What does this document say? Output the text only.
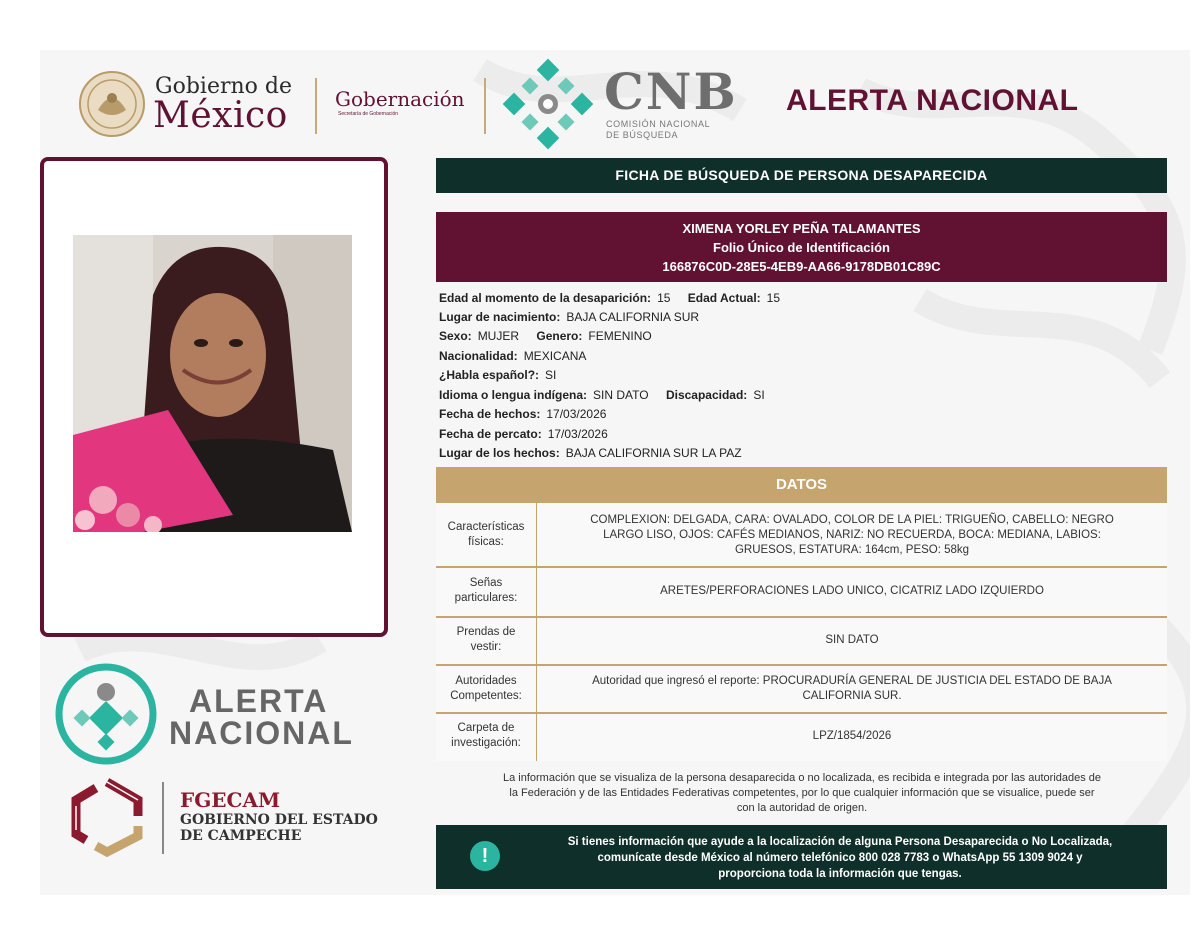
Gobierno de
México Gobernación
Secretaría de Gobernación	CNB
COMISIÓN NACIONAL
DE BÚSQUEDA
ALERTA NACIONAL
FICHA DE BÚSQUEDA DE PERSONA DESAPARECIDA
XIMENA YORLEY PEÑA TALAMANTES
Folio Único de Identificación
166876C0D-28E5-4EB9-AA66-9178DB01C89C
Edad al momento de la desaparición: 15 Edad Actual: 15
Lugar de nacimiento: BAJA CALIFORNIA SUR
Sexo: MUJER Genero: FEMENINO
Nacionalidad: MEXICANA
¿Habla español?: SI
Idioma o lengua indígena: SIN DATO Discapacidad: SI
Fecha de hechos: 17/03/2026
Fecha de percato: 17/03/2026
Lugar de los hechos: BAJA CALIFORNIA SUR LA PAZ
DATOS
Características
físicas:
COMPLEXION: DELGADA, CARA: OVALADO, COLOR DE LA PIEL: TRIGUEÑO, CABELLO: NEGRO
LARGO LISO, OJOS: CAFÉS MEDIANOS, NARIZ: NO RECUERDA, BOCA: MEDIANA, LABIOS:
GRUESOS, ESTATURA: 164cm, PESO: 58kg
Señas
particulares:
ARETES/PERFORACIONES LADO UNICO, CICATRIZ LADO IZQUIERDO
Prendas de
vestir:
SIN DATO
Autoridades
Competentes:
Autoridad que ingresó el reporte: PROCURADURÍA GENERAL DE JUSTICIA DEL ESTADO DE BAJA
CALIFORNIA SUR.
Carpeta de
investigación:
LPZ/1854/2026
La información que se visualiza de la persona desaparecida o no localizada, es recibida e integrada por las autoridades de
la Federación y de las Entidades Federativas competentes, por lo que cualquier información que se visualice, puede ser
con la autoridad de origen.
!
Si tienes información que ayude a la localización de alguna Persona Desaparecida o No Localizada,
comunícate desde México al número telefónico 800 028 7783 o WhatsApp 55 1309 9024 y
proporciona toda la información que tengas.
ALERTA
NACIONAL
FGECAM
GOBIERNO DEL ESTADO
DE CAMPECHE
